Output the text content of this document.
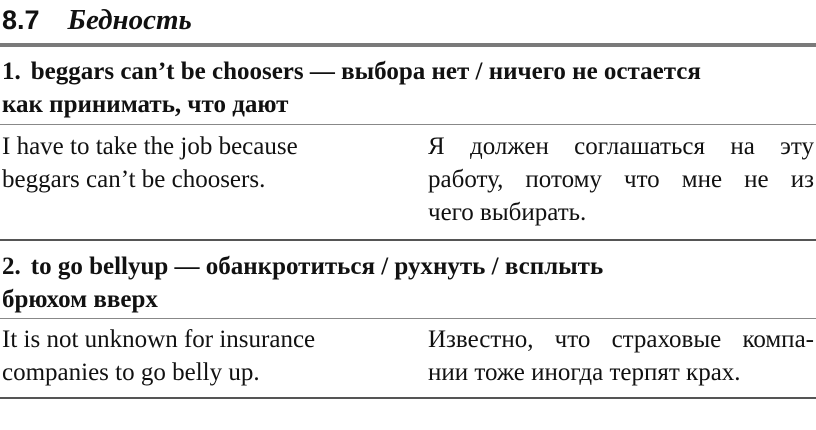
8.7 Бедность
1. beggars can’t be choosers — выбора нет / ничего не остается
как принимать, что дают
I have to take the job because
beggars can’t be choosers.
Я должен соглашаться на эту
работу, потому что мне не из
чего выбирать.
2. to go bellyup — обанкротиться / рухнуть / всплыть
брюхом вверх
It is not unknown for insurance
companies to go belly up.
Известно, что страховые компа-
нии тоже иногда терпят крах.
